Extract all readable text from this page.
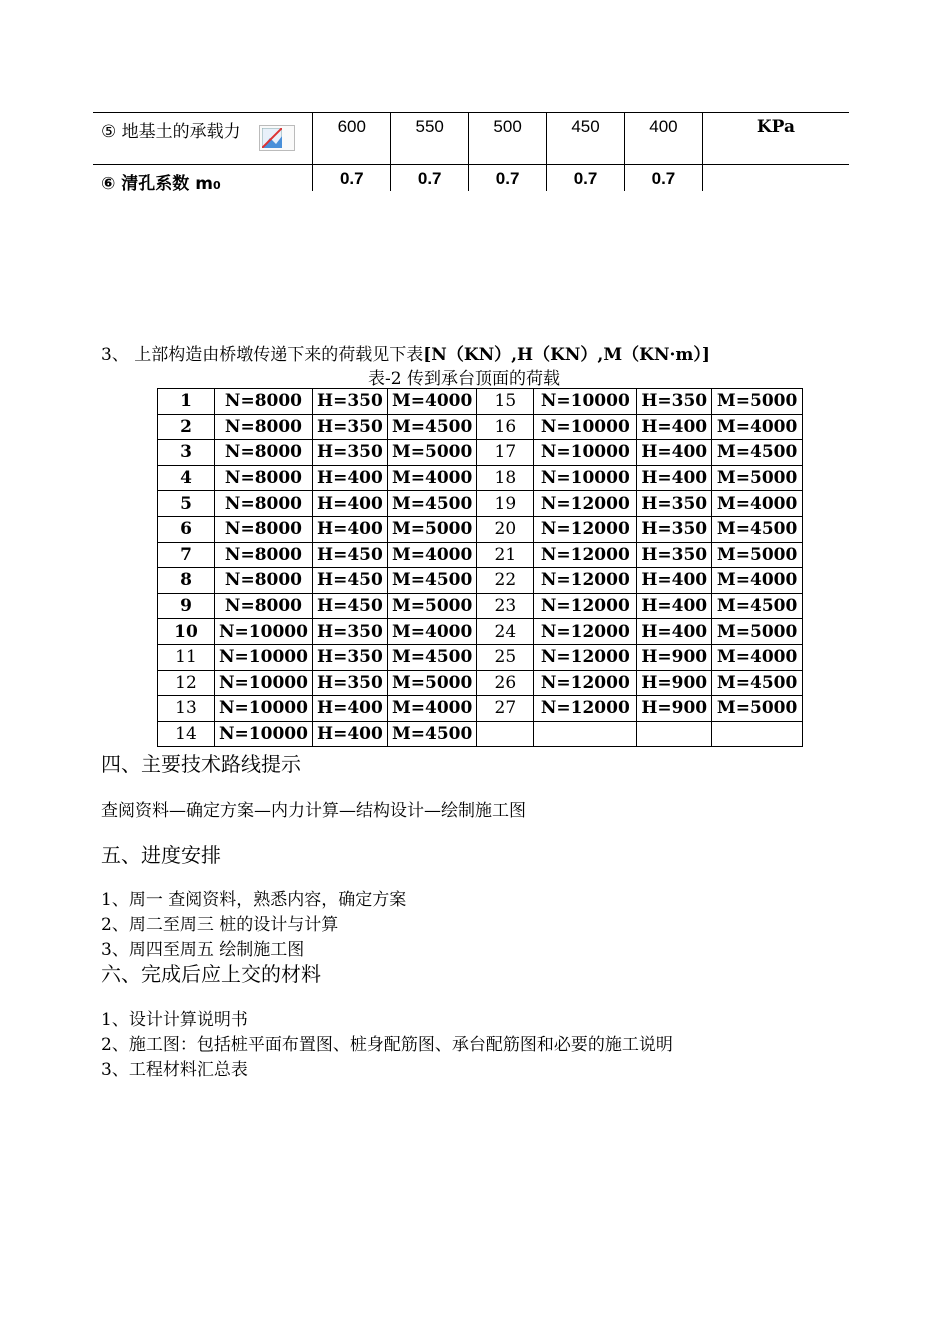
⑤ 地基土的承载力	600	550	500	450	400	KPa
⑥ 清孔系数 m0	0.7	0.7	0.7	0.7	0.7
3、 上部构造由桥墩传递下来的荷载见下表[N（KN）,H（KN）,M（KN·m）]
表-2 传到承台顶面的荷载
1	N=8000	H=350	M=4000	15	N=10000	H=350	M=5000
2	N=8000	H=350	M=4500	16	N=10000	H=400	M=4000
3	N=8000	H=350	M=5000	17	N=10000	H=400	M=4500
4	N=8000	H=400	M=4000	18	N=10000	H=400	M=5000
5	N=8000	H=400	M=4500	19	N=12000	H=350	M=4000
6	N=8000	H=400	M=5000	20	N=12000	H=350	M=4500
7	N=8000	H=450	M=4000	21	N=12000	H=350	M=5000
8	N=8000	H=450	M=4500	22	N=12000	H=400	M=4000
9	N=8000	H=450	M=5000	23	N=12000	H=400	M=4500
10	N=10000	H=350	M=4000	24	N=12000	H=400	M=5000
11	N=10000	H=350	M=4500	25	N=12000	H=900	M=4000
12	N=10000	H=350	M=5000	26	N=12000	H=900	M=4500
13	N=10000	H=400	M=4000	27	N=12000	H=900	M=5000
14	N=10000	H=400	M=4500				
四、主要技术路线提示
查阅资料—确定方案—内力计算—结构设计—绘制施工图
五、进度安排
1、周一 查阅资料，熟悉内容，确定方案
2、周二至周三 桩的设计与计算
3、周四至周五 绘制施工图
六、完成后应上交的材料
1、设计计算说明书
2、施工图：包括桩平面布置图、桩身配筋图、承台配筋图和必要的施工说明
3、工程材料汇总表
